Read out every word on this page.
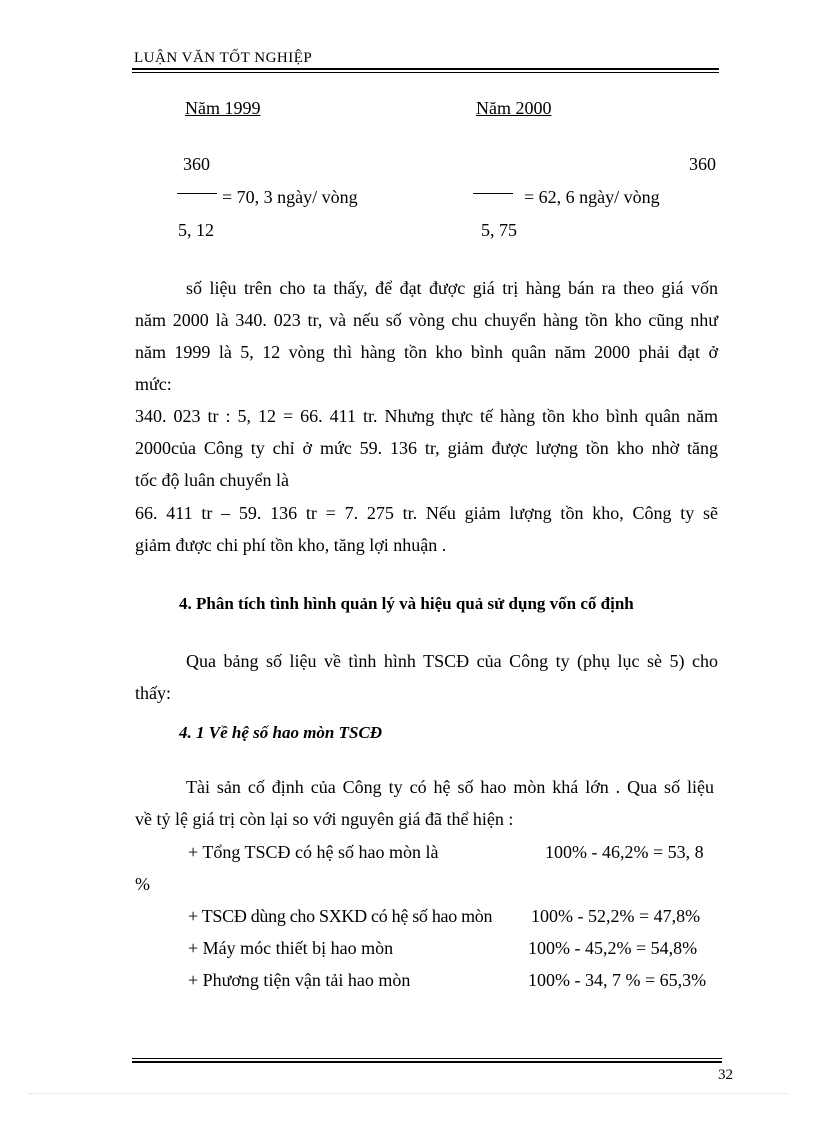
LUẬN VĂN TỐT NGHIỆP
Năm 1999	Năm 2000
360	360
= 70, 3 ngày/ vòng	= 62, 6 ngày/ vòng
5, 12	5, 75
số liệu trên cho ta thấy, để đạt được giá trị hàng bán ra theo giá vốn
năm 2000 là 340. 023 tr, và nếu số vòng chu chuyển hàng tồn kho cũng như
năm 1999 là 5, 12 vòng thì hàng tồn kho bình quân năm 2000 phải đạt ở
mức:
340. 023 tr : 5, 12 = 66. 411 tr. Nhưng thực tế hàng tồn kho bình quân năm
2000của Công ty chỉ ở mức 59. 136 tr, giảm được lượng tồn kho nhờ tăng
tốc độ luân chuyển là
66. 411 tr – 59. 136 tr = 7. 275 tr. Nếu giảm lượng tồn kho, Công ty sẽ
giảm được chi phí tồn kho, tăng lợi nhuận .
4. Phân tích tình hình quản lý và hiệu quả sử dụng vốn cố định
Qua bảng số liệu về tình hình TSCĐ của Công ty (phụ lục sè 5) cho
thấy:
4. 1 Về hệ số hao mòn TSCĐ
Tài sản cố định của Công ty có hệ số hao mòn khá lớn . Qua số liệu
về tỷ lệ giá trị còn lại so với nguyên giá đã thể hiện :
+ Tổng TSCĐ có hệ số hao mòn là	100% - 46,2% = 53, 8
%
+ TSCĐ dùng cho SXKD có hệ số hao mòn 100% - 52,2% = 47,8%
+ Máy móc thiết bị hao mòn	100% - 45,2% = 54,8%
+ Phương tiện vận tải hao mòn	100% - 34, 7 % = 65,3%
32
